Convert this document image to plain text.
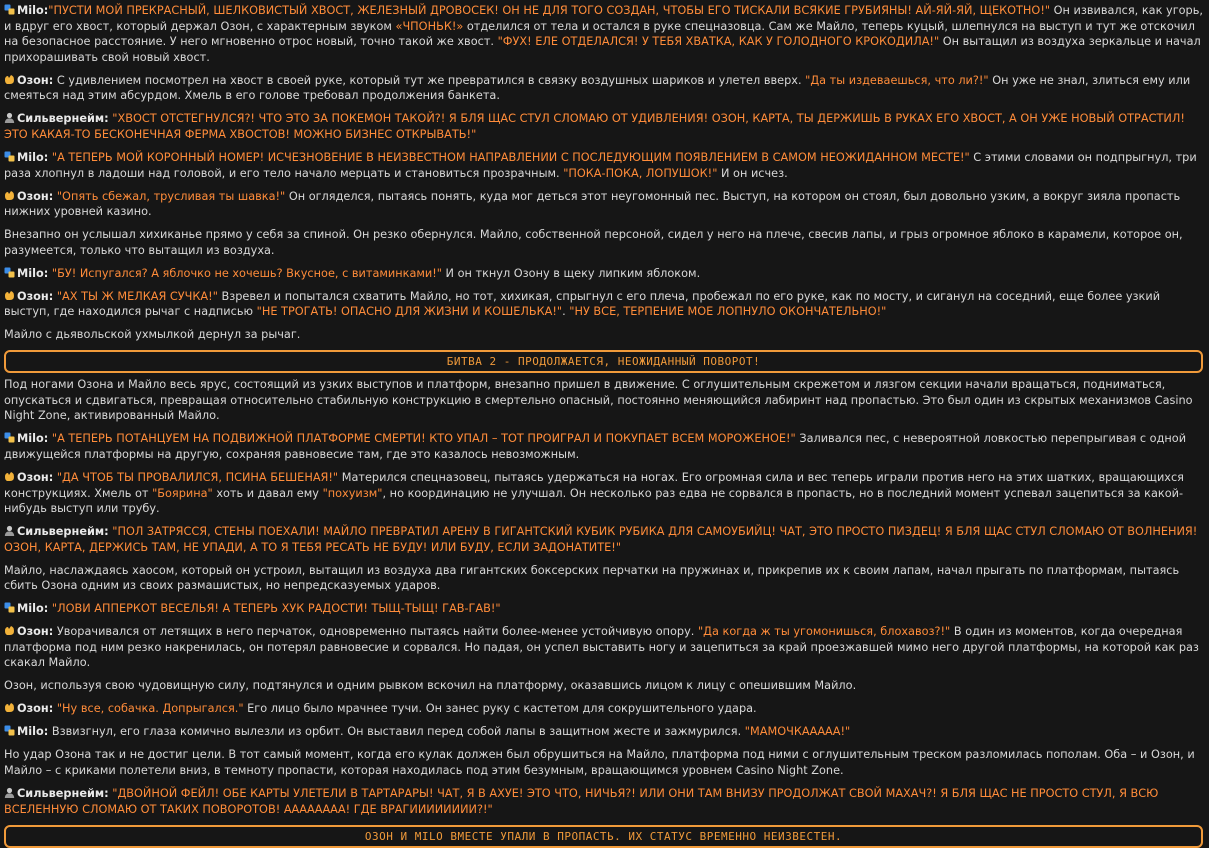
Milo:"ПУСТИ МОЙ ПРЕКРАСНЫЙ, ШЕЛКОВИСТЫЙ ХВОСТ, ЖЕЛЕЗНЫЙ ДРОВОСЕК! ОН НЕ ДЛЯ ТОГО СОЗДАН, ЧТОБЫ ЕГО ТИСКАЛИ ВСЯКИЕ ГРУБИЯНЫ! АЙ-ЯЙ-ЯЙ, ЩЕКОТНО!" Он извивался, как угорь, и вдруг его хвост, который держал Озон, с характерным звуком «ЧПОНЬК!» отделился от тела и остался в руке спецназовца. Сам же Майло, теперь куцый, шлепнулся на выступ и тут же отскочил на безопасное расстояние. У него мгновенно отрос новый, точно такой же хвост. "ФУХ! ЕЛЕ ОТДЕЛАЛСЯ! У ТЕБЯ ХВАТКА, КАК У ГОЛОДНОГО КРОКОДИЛА!" Он вытащил из воздуха зеркальце и начал прихорашивать свой новый хвост.
Озон: С удивлением посмотрел на хвост в своей руке, который тут же превратился в связку воздушных шариков и улетел вверх. "Да ты издеваешься, что ли?!" Он уже не знал, злиться ему или смеяться над этим абсурдом. Хмель в его голове требовал продолжения банкета.
Сильвернейм: "ХВОСТ ОТСТЕГНУЛСЯ?! ЧТО ЭТО ЗА ПОКЕМОН ТАКОЙ?! Я БЛЯ ЩАС СТУЛ СЛОМАЮ ОТ УДИВЛЕНИЯ! ОЗОН, КАРТА, ТЫ ДЕРЖИШЬ В РУКАХ ЕГО ХВОСТ, А ОН УЖЕ НОВЫЙ ОТРАСТИЛ! ЭТО КАКАЯ-ТО БЕСКОНЕЧНАЯ ФЕРМА ХВОСТОВ! МОЖНО БИЗНЕС ОТКРЫВАТЬ!"
Milo: "А ТЕПЕРЬ МОЙ КОРОННЫЙ НОМЕР! ИСЧЕЗНОВЕНИЕ В НЕИЗВЕСТНОМ НАПРАВЛЕНИИ С ПОСЛЕДУЮЩИМ ПОЯВЛЕНИЕМ В САМОМ НЕОЖИДАННОМ МЕСТЕ!" С этими словами он подпрыгнул, три раза хлопнул в ладоши над головой, и его тело начало мерцать и становиться прозрачным. "ПОКА-ПОКА, ЛОПУШОК!" И он исчез.
Озон: "Опять сбежал, трусливая ты шавка!" Он огляделся, пытаясь понять, куда мог деться этот неугомонный пес. Выступ, на котором он стоял, был довольно узким, а вокруг зияла пропасть нижних уровней казино.
Внезапно он услышал хихиканье прямо у себя за спиной. Он резко обернулся. Майло, собственной персоной, сидел у него на плече, свесив лапы, и грыз огромное яблоко в карамели, которое он, разумеется, только что вытащил из воздуха.
Milo: "БУ! Испугался? А яблочко не хочешь? Вкусное, с витаминками!" И он ткнул Озону в щеку липким яблоком.
Озон: "АХ ТЫ Ж МЕЛКАЯ СУЧКА!" Взревел и попытался схватить Майло, но тот, хихикая, спрыгнул с его плеча, пробежал по его руке, как по мосту, и сиганул на соседний, еще более узкий выступ, где находился рычаг с надписью "НЕ ТРОГАТЬ! ОПАСНО ДЛЯ ЖИЗНИ И КОШЕЛЬКА!". "НУ ВСЕ, ТЕРПЕНИЕ МОЕ ЛОПНУЛО ОКОНЧАТЕЛЬНО!"
Майло с дьявольской ухмылкой дернул за рычаг.
БИТВА 2 - ПРОДОЛЖАЕТСЯ, НЕОЖИДАННЫЙ ПОВОРОТ!
Под ногами Озона и Майло весь ярус, состоящий из узких выступов и платформ, внезапно пришел в движение. С оглушительным скрежетом и лязгом секции начали вращаться, подниматься, опускаться и сдвигаться, превращая относительно стабильную конструкцию в смертельно опасный, постоянно меняющийся лабиринт над пропастью. Это был один из скрытых механизмов Casino Night Zone, активированный Майло.
Milo: "А ТЕПЕРЬ ПОТАНЦУЕМ НА ПОДВИЖНОЙ ПЛАТФОРМЕ СМЕРТИ! КТО УПАЛ – ТОТ ПРОИГРАЛ И ПОКУПАЕТ ВСЕМ МОРОЖЕНОЕ!" Заливался пес, с невероятной ловкостью перепрыгивая с одной движущейся платформы на другую, сохраняя равновесие там, где это казалось невозможным.
Озон: "ДА ЧТОБ ТЫ ПРОВАЛИЛСЯ, ПСИНА БЕШЕНАЯ!" Матерился спецназовец, пытаясь удержаться на ногах. Его огромная сила и вес теперь играли против него на этих шатких, вращающихся конструкциях. Хмель от "Боярина" хоть и давал ему "похуизм", но координацию не улучшал. Он несколько раз едва не сорвался в пропасть, но в последний момент успевал зацепиться за какой-нибудь выступ или трубу.
Сильвернейм: "ПОЛ ЗАТРЯССЯ, СТЕНЫ ПОЕХАЛИ! МАЙЛО ПРЕВРАТИЛ АРЕНУ В ГИГАНТСКИЙ КУБИК РУБИКА ДЛЯ САМОУБИЙЦ! ЧАТ, ЭТО ПРОСТО ПИЗДЕЦ! Я БЛЯ ЩАС СТУЛ СЛОМАЮ ОТ ВОЛНЕНИЯ! ОЗОН, КАРТА, ДЕРЖИСЬ ТАМ, НЕ УПАДИ, А ТО Я ТЕБЯ РЕСАТЬ НЕ БУДУ! ИЛИ БУДУ, ЕСЛИ ЗАДОНАТИТЕ!"
Майло, наслаждаясь хаосом, который он устроил, вытащил из воздуха два гигантских боксерских перчатки на пружинах и, прикрепив их к своим лапам, начал прыгать по платформам, пытаясь сбить Озона одним из своих размашистых, но непредсказуемых ударов.
Milo: "ЛОВИ АППЕРКОТ ВЕСЕЛЬЯ! А ТЕПЕРЬ ХУК РАДОСТИ! ТЫЩ-ТЫЩ! ГАВ-ГАВ!"
Озон: Уворачивался от летящих в него перчаток, одновременно пытаясь найти более-менее устойчивую опору. "Да когда ж ты угомонишься, блохавоз?!" В один из моментов, когда очередная платформа под ним резко накренилась, он потерял равновесие и сорвался. Но падая, он успел выставить ногу и зацепиться за край проезжавшей мимо него другой платформы, на которой как раз скакал Майло.
Озон, используя свою чудовищную силу, подтянулся и одним рывком вскочил на платформу, оказавшись лицом к лицу с опешившим Майло.
Озон: "Ну все, собачка. Допрыгался." Его лицо было мрачнее тучи. Он занес руку с кастетом для сокрушительного удара.
Milo: Взвизгнул, его глаза комично вылезли из орбит. Он выставил перед собой лапы в защитном жесте и зажмурился. "МАМОЧКААААА!"
Но удар Озона так и не достиг цели. В тот самый момент, когда его кулак должен был обрушиться на Майло, платформа под ними с оглушительным треском разломилась пополам. Оба – и Озон, и Майло – с криками полетели вниз, в темноту пропасти, которая находилась под этим безумным, вращающимся уровнем Casino Night Zone.
Сильвернейм: "ДВОЙНОЙ ФЕЙЛ! ОБЕ КАРТЫ УЛЕТЕЛИ В ТАРТАРАРЫ! ЧАТ, Я В АХУЕ! ЭТО ЧТО, НИЧЬЯ?! ИЛИ ОНИ ТАМ ВНИЗУ ПРОДОЛЖАТ СВОЙ МАХАЧ?! Я БЛЯ ЩАС НЕ ПРОСТО СТУЛ, Я ВСЮ ВСЕЛЕННУЮ СЛОМАЮ ОТ ТАКИХ ПОВОРОТОВ! АААААААА! ГДЕ ВРАГИИИИИИИИ?!"
ОЗОН И MILO ВМЕСТЕ УПАЛИ В ПРОПАСТЬ. ИХ СТАТУС ВРЕМЕННО НЕИЗВЕСТЕН.
